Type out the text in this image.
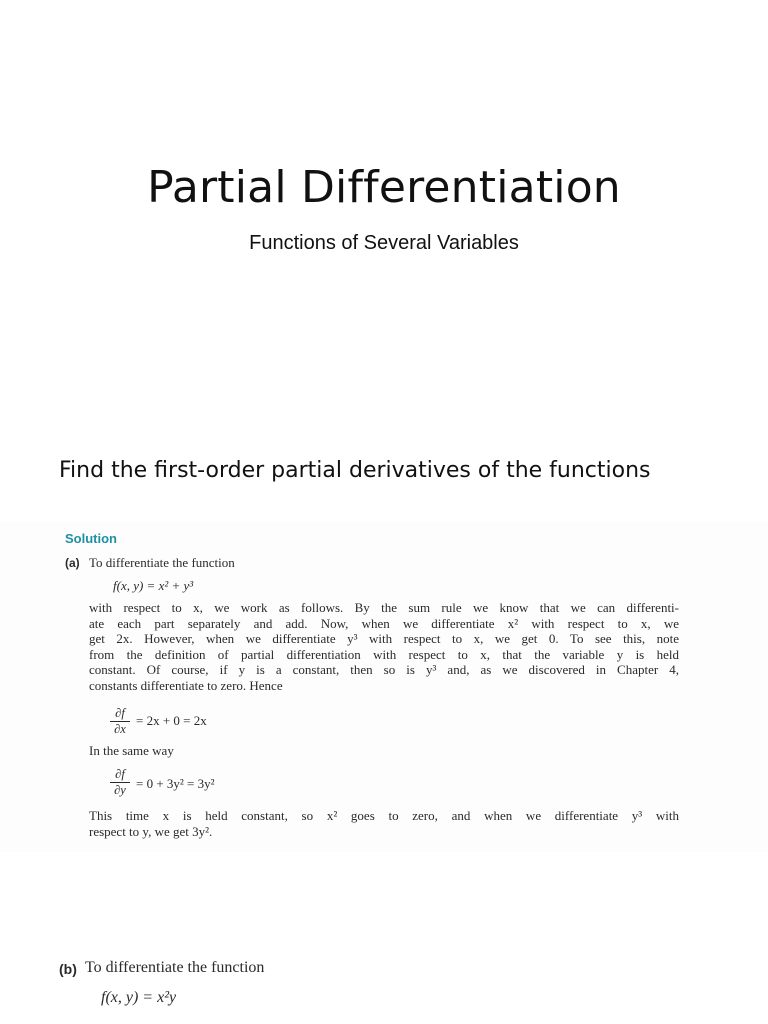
Partial Differentiation
Functions of Several Variables
Find the first-order partial derivatives of the functions
Solution
(a) To differentiate the function
f(x, y) = x² + y³
with respect to x, we work as follows. By the sum rule we know that we can differenti-
ate each part separately and add. Now, when we differentiate x² with respect to x, we
get 2x. However, when we differentiate y³ with respect to x, we get 0. To see this, note
from the definition of partial differentiation with respect to x, that the variable y is held
constant. Of course, if y is a constant, then so is y³ and, as we discovered in Chapter 4,
constants differentiate to zero. Hence
∂f
∂x
= 2x + 0 = 2x
In the same way
∂f
∂y = 0 + 3y² = 3y²
This time x is held constant, so x² goes to zero, and when we differentiate y³ with
respect to y, we get 3y².
(b) To differentiate the function
f(x, y) = x²y
